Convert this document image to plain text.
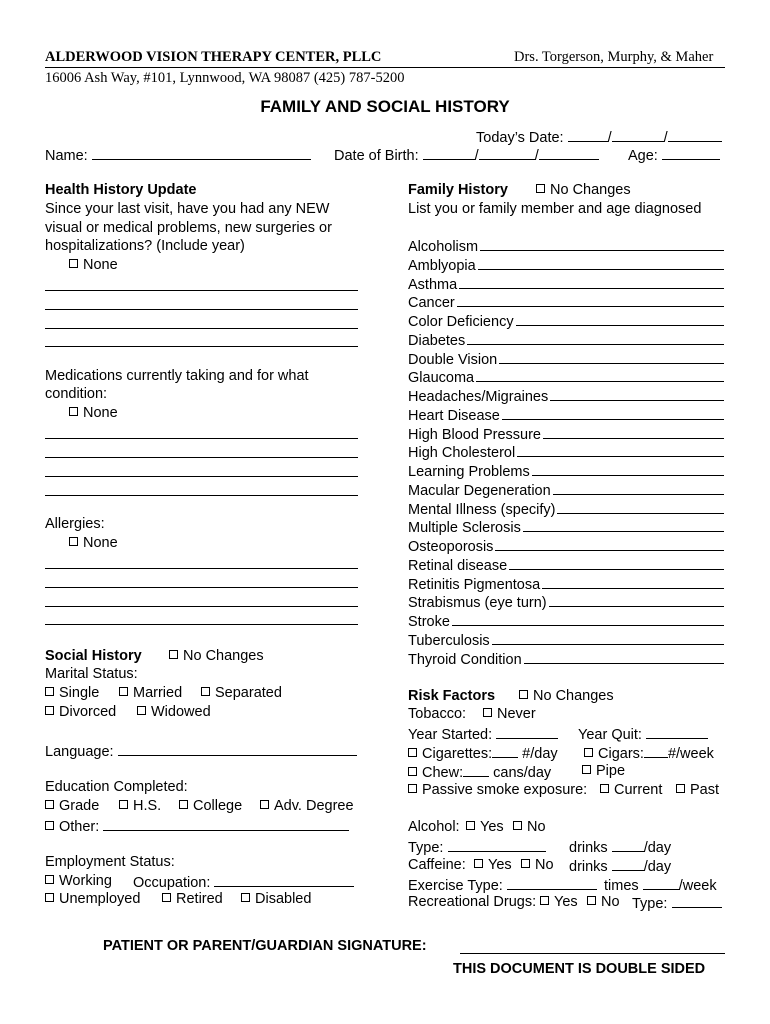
ALDERWOOD VISION THERAPY CENTER, PLLC	Drs. Torgerson, Murphy, & Maher
16006 Ash Way, #101, Lynnwood, WA 98087 (425) 787-5200
FAMILY AND SOCIAL HISTORY
Today’s Date:	/	/
Name:	Date of Birth:	/	/	Age:
Health History Update
Since your last visit, have you had any NEW
visual or medical problems, new surgeries or
hospitalizations? (Include year)
None
Medications currently taking and for what
condition:
None
Allergies:
None
Social History	No Changes
Marital Status:
Single	Married	Separated
Divorced	Widowed
Language:
Education Completed:
Grade	H.S.	College	Adv. Degree
Other:
Employment Status:
Working Occupation:
Unemployed	Retired	Disabled
Family History	No Changes
List you or family member and age diagnosed
Alcoholism
Amblyopia
Asthma
Cancer
Color Deficiency
Diabetes
Double Vision
Glaucoma
Headaches/Migraines
Heart Disease
High Blood Pressure
High Cholesterol
Learning Problems
Macular Degeneration
Mental Illness (specify)
Multiple Sclerosis
Osteoporosis
Retinal disease
Retinitis Pigmentosa
Strabismus (eye turn)
Stroke
Tuberculosis
Thyroid Condition
Risk Factors	No Changes
Tobacco:	Never
Year Started:	Year Quit:
Cigarettes: #/day	Cigars: #/week
Chew: cans/day	Pipe
Passive smoke exposure:	Current	Past
Alcohol:	Yes	No
Type:	drinks /day
Caffeine:	Yes	No drinks /day
Exercise Type:	times	/week
Recreational Drugs:	Yes	No Type:
PATIENT OR PARENT/GUARDIAN SIGNATURE:
THIS DOCUMENT IS DOUBLE SIDED
